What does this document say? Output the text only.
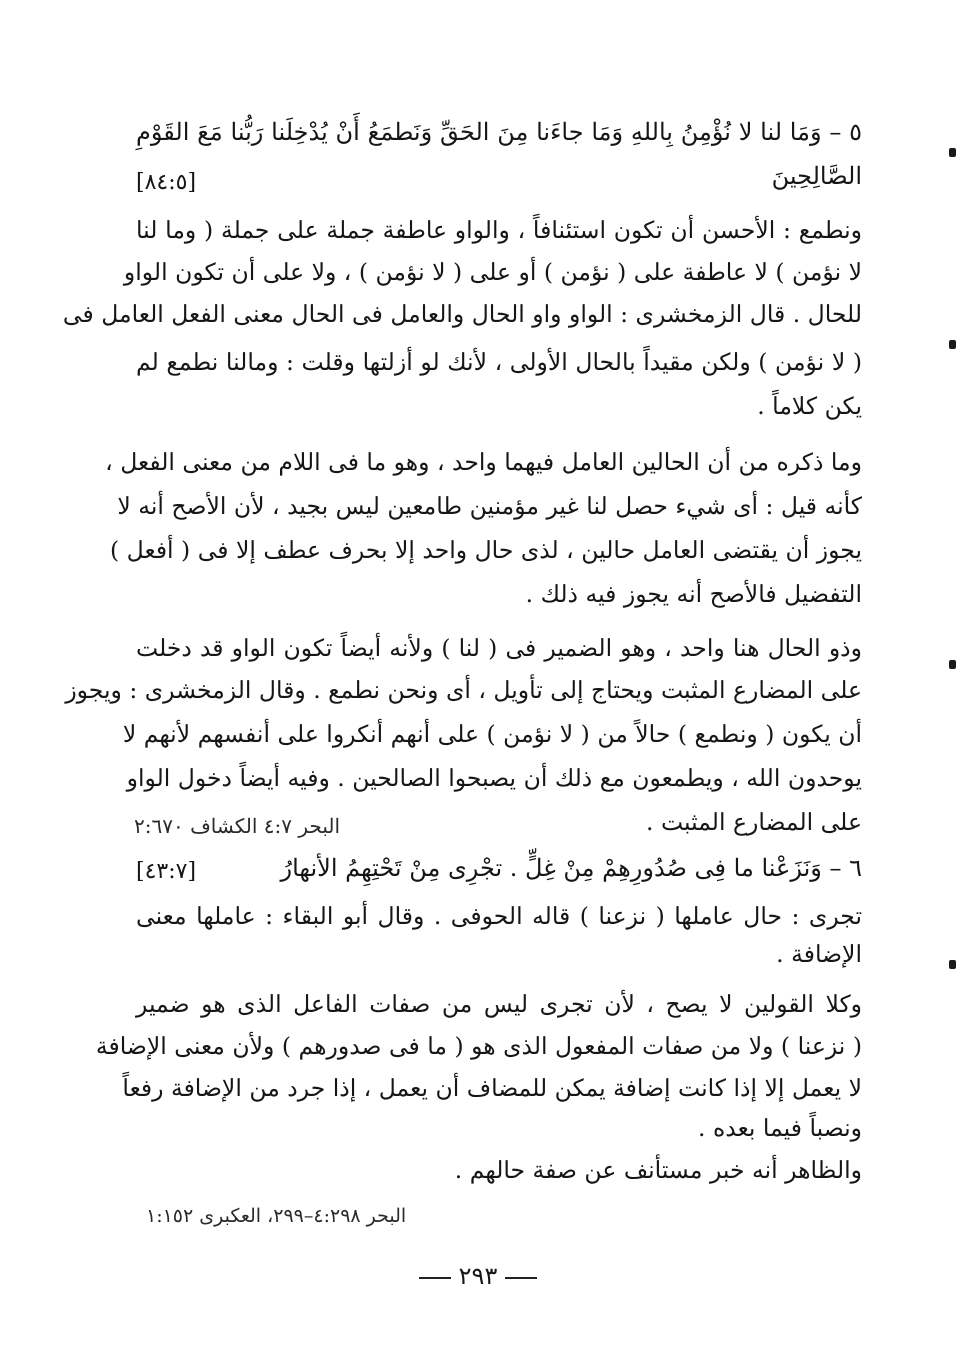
٥ – وَمَا لنا لا نُؤْمِنُ بِاللهِ وَمَا جاءَنا مِنَ الحَقِّ وَنَطمَعُ أَنْ يُدْخِلَنا رَبُّنا مَعَ القَوْمِ
الصَّالِحِينَ
[٨٤:٥]
ونطمع : الأحسن أن تكون استئنافاً ، والواو عاطفة جملة على جملة ( وما لنا
لا نؤمن ) لا عاطفة على ( نؤمن ) أو على ( لا نؤمن ) ، ولا على أن تكون الواو
للحال . قال الزمخشرى : الواو واو الحال والعامل فى الحال معنى الفعل العامل فى
( لا نؤمن ) ولكن مقيداً بالحال الأولى ، لأنك لو أزلتها وقلت : ومالنا نطمع لم
يكن كلاماً .
وما ذكره من أن الحالين العامل فيهما واحد ، وهو ما فى اللام من معنى الفعل ،
كأنه قيل : أى شيء حصل لنا غير مؤمنين طامعين ليس بجيد ، لأن الأصح أنه لا
يجوز أن يقتضى العامل حالين ، لذى حال واحد إلا بحرف عطف إلا فى ( أفعل )
التفضيل فالأصح أنه يجوز فيه ذلك .
وذو الحال هنا واحد ، وهو الضمير فى ( لنا ) ولأنه أيضاً تكون الواو قد دخلت
على المضارع المثبت ويحتاج إلى تأويل ، أى ونحن نطمع . وقال الزمخشرى : ويجوز
أن يكون ( ونطمع ) حالاً من ( لا نؤمن ) على أنهم أنكروا على أنفسهم لأنهم لا
يوحدون الله ، ويطمعون مع ذلك أن يصبحوا الصالحين . وفيه أيضاً دخول الواو
على المضارع المثبت .
البحر ٤:٧ الكشاف ٢:٦٧٠
٦ – وَنَزَعْنا ما فِى صُدُورِهِمْ مِنْ غِلٍّ . تجْرِى مِنْ تَحْتِهِمُ الأنهارُ
[٤٣:٧]
تجرى : حال عاملها ( نزعنا ) قاله الحوفى . وقال أبو البقاء : عاملها معنى
الإضافة .
وكلا القولين لا يصح ، لأن تجرى ليس من صفات الفاعل الذى هو ضمير
( نزعنا ) ولا من صفات المفعول الذى هو ( ما فى صدورهم ) ولأن معنى الإضافة
لا يعمل إلا إذا كانت إضافة يمكن للمضاف أن يعمل ، إذا جرد من الإضافة رفعاً
ونصباً فيما بعده .
والظاهر أنه خبر مستأنف عن صفة حالهم .
البحر ٤:٢٩٨–٢٩٩، العكبرى ١:١٥٢
٢٩٣
